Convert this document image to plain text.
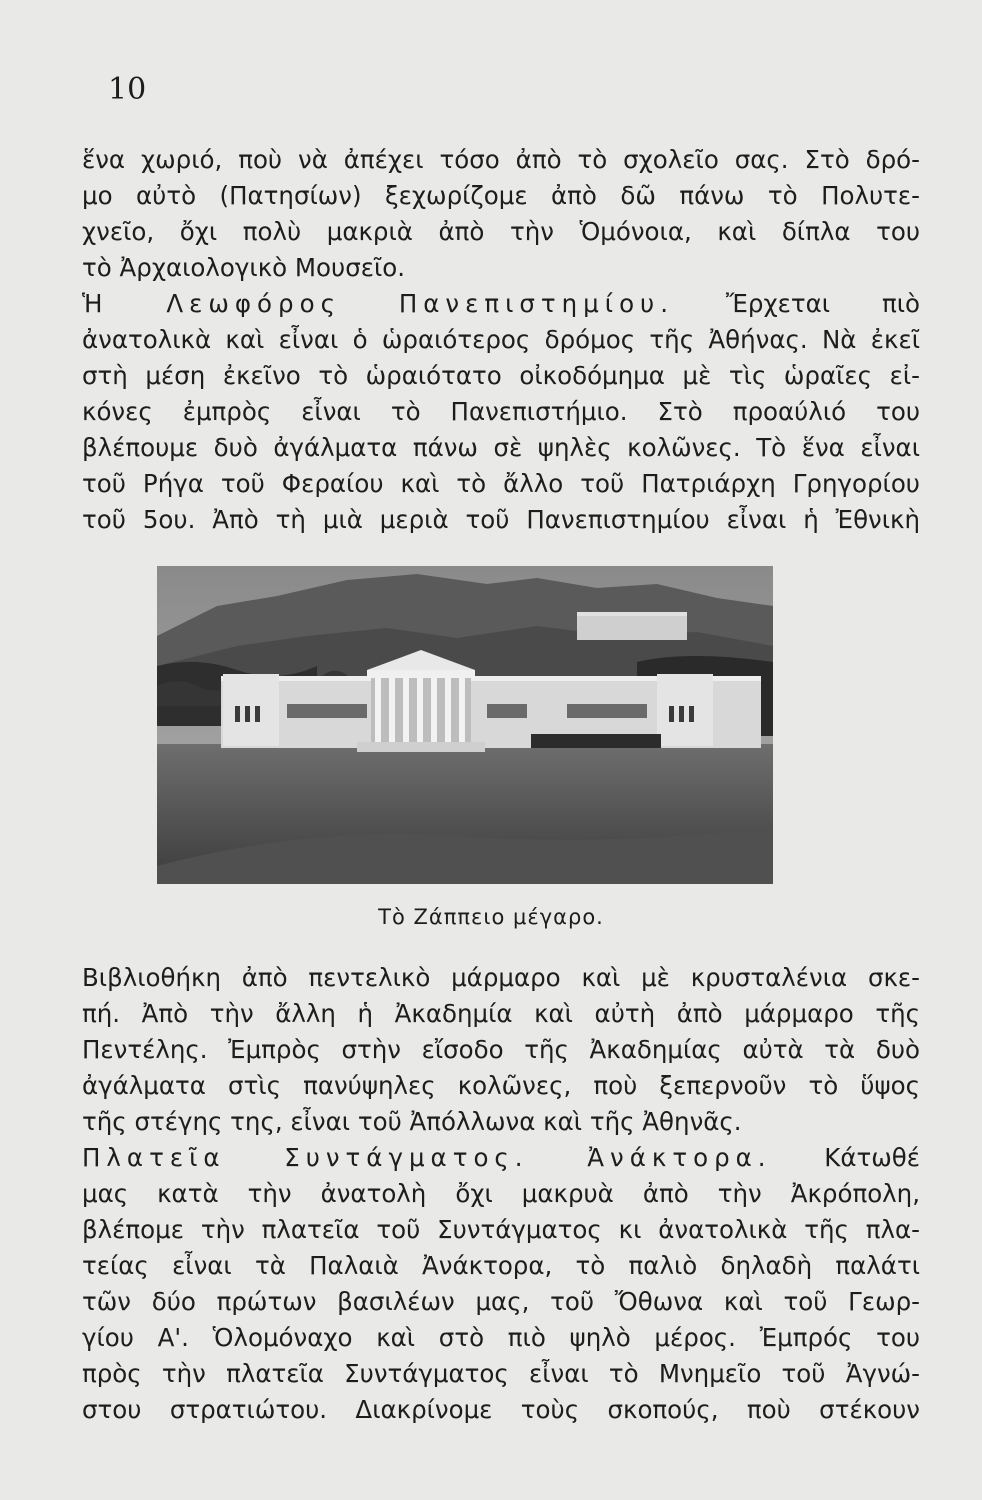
10
ἕνα χωριό, ποὺ νὰ ἀπέχει τόσο ἀπὸ τὸ σχολεῖο σας. Στὸ δρό-
μο αὐτὸ (Πατησίων) ξεχωρίζομε ἀπὸ δῶ πάνω τὸ Πολυτε-
χνεῖο, ὄχι πολὺ μακριὰ ἀπὸ τὴν Ὁμόνοια, καὶ δίπλα του
τὸ Ἀρχαιολογικὸ Μουσεῖο.
Ἡ Λεωφόρος Πανεπιστημίου. Ἔρχεται πιὸ
ἀνατολικὰ καὶ εἶναι ὁ ὡραιότερος δρόμος τῆς Ἀθήνας. Νὰ ἐκεῖ
στὴ μέση ἐκεῖνο τὸ ὡραιότατο οἰκοδόμημα μὲ τὶς ὡραῖες εἰ-
κόνες ἐμπρὸς εἶναι τὸ Πανεπιστήμιο. Στὸ προαύλιό του
βλέπουμε δυὸ ἀγάλματα πάνω σὲ ψηλὲς κολῶνες. Τὸ ἕνα εἶναι
τοῦ Ρήγα τοῦ Φεραίου καὶ τὸ ἄλλο τοῦ Πατριάρχη Γρηγορίου
τοῦ 5ου. Ἀπὸ τὴ μιὰ μεριὰ τοῦ Πανεπιστημίου εἶναι ἡ Ἐθνικὴ
Τὸ Ζάππειο μέγαρο.
Βιβλιοθήκη ἀπὸ πεντελικὸ μάρμαρο καὶ μὲ κρυσταλένια σκε-
πή. Ἀπὸ τὴν ἄλλη ἡ Ἀκαδημία καὶ αὐτὴ ἀπὸ μάρμαρο τῆς
Πεντέλης. Ἐμπρὸς στὴν εἴσοδο τῆς Ἀκαδημίας αὐτὰ τὰ δυὸ
ἀγάλματα στὶς πανύψηλες κολῶνες, ποὺ ξεπερνοῦν τὸ ὕψος
τῆς στέγης της, εἶναι τοῦ Ἀπόλλωνα καὶ τῆς Ἀθηνᾶς.
Πλατεῖα Συντάγματος. Ἀνάκτορα. Κάτωθέ
μας κατὰ τὴν ἀνατολὴ ὄχι μακρυὰ ἀπὸ τὴν Ἀκρόπολη,
βλέπομε τὴν πλατεῖα τοῦ Συντάγματος κι ἀνατολικὰ τῆς πλα-
τείας εἶναι τὰ Παλαιὰ Ἀνάκτορα, τὸ παλιὸ δηλαδὴ παλάτι
τῶν δύο πρώτων βασιλέων μας, τοῦ Ὄθωνα καὶ τοῦ Γεωρ-
γίου Α'. Ὁλομόναχο καὶ στὸ πιὸ ψηλὸ μέρος. Ἐμπρός του
πρὸς τὴν πλατεῖα Συντάγματος εἶναι τὸ Μνημεῖο τοῦ Ἀγνώ-
στου στρατιώτου. Διακρίνομε τοὺς σκοπούς, ποὺ στέκουν
